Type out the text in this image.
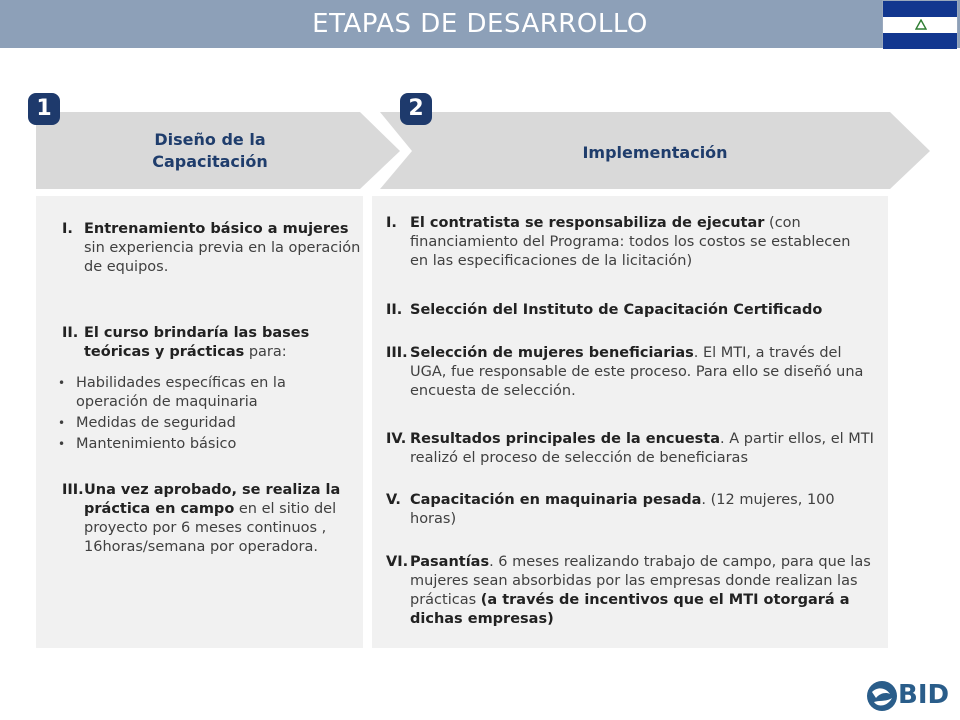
ETAPAS DE DESARROLLO
1	2
Diseño de la
Capacitación	Implementación
I. Entrenamiento básico a mujeres sin experiencia previa en la operación de equipos.
II. El curso brindaría las bases teóricas y prácticas para:
• Habilidades específicas en la operación de maquinaria
• Medidas de seguridad
• Mantenimiento básico
III. Una vez aprobado, se realiza la práctica en campo en el sitio del proyecto por 6 meses continuos , 16horas/semana por operadora.
I. El contratista se responsabiliza de ejecutar (con financiamiento del Programa: todos los costos se establecen en las especificaciones de la licitación)
II. Selección del Instituto de Capacitación Certificado
III. Selección de mujeres beneficiarias. El MTI, a través del UGA, fue responsable de este proceso. Para ello se diseñó una encuesta de selección.
IV. Resultados principales de la encuesta. A partir ellos, el MTI realizó el proceso de selección de beneficiaras
V. Capacitación en maquinaria pesada. (12 mujeres, 100 horas)
VI. Pasantías. 6 meses realizando trabajo de campo, para que las mujeres sean absorbidas por las empresas donde realizan las prácticas (a través de incentivos que el MTI otorgará a dichas empresas)
BID
